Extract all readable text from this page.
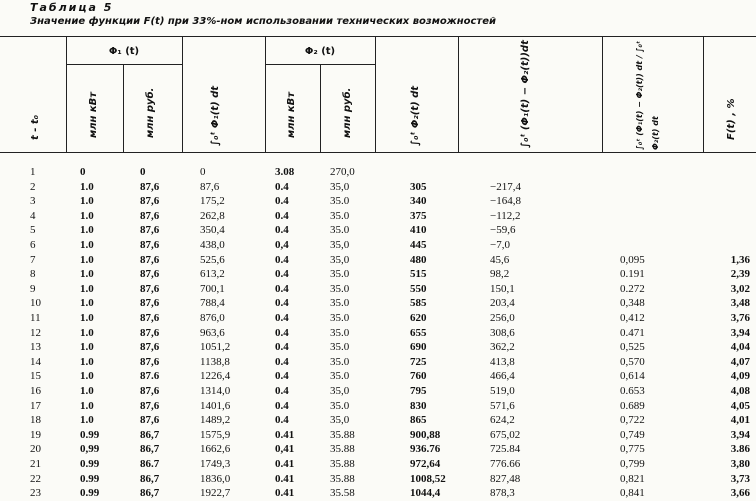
Таблица 5
Значение функции F(t) при 33%-ном использовании технических возможностей
Φ₁ (t)	Φ₂ (t)
t - t₀	млн кВт	млн руб.	∫₀ᵗ Φ₁(t) dt	млн кВт	млн руб.	∫₀ᵗ Φ₂(t) dt	∫₀ᵗ (Φ₁(t) − Φ₂(t))dt	∫₀ᵗ (Φ₁(t) − Φ₂(t)) dt / ∫₀ᵗ Φ₂(t) dt	F(t) , %
1	0	0	0	3.08	270,0
2	1.0	87,6	87,6	0.4	35,0	305	−217,4
3	1.0	87,6	175,2	0.4	35.0	340	−164,8
4	1.0	87,6	262,8	0.4	35.0	375	−112,2
5	1.0	87,6	350,4	0.4	35.0	410	−59,6
6	1.0	87,6	438,0	0,4	35,0	445	−7,0
7	1.0	87,6	525,6	0.4	35,0	480	45,6	0,095	1,36
8	1.0	87,6	613,2	0.4	35.0	515	98,2	0.191	2,39
9	1.0	87,6	700,1	0.4	35.0	550	150,1	0.272	3,02
10	1.0	87,6	788,4	0.4	35.0	585	203,4	0,348	3,48
11	1.0	87,6	876,0	0.4	35.0	620	256,0	0,412	3,76
12	1.0	87,6	963,6	0.4	35.0	655	308,6	0.471	3,94
13	1.0	87,6	1051,2	0.4	35.0	690	362,2	0,525	4,04
14	1.0	87,6	1138,8	0.4	35.0	725	413,8	0,570	4,07
15	1.0	87.6	1226,4	0.4	35.0	760	466,4	0,614	4,09
16	1.0	87,6	1314,0	0.4	35,0	795	519,0	0.653	4,08
17	1.0	87,6	1401,6	0.4	35.0	830	571,6	0.689	4,05
18	1.0	87,6	1489,2	0.4	35,0	865	624,2	0,722	4,01
19	0.99	86,7	1575,9	0.41	35.88	900,88	675,02	0,749	3,94
20	0,99	86,7	1662,6	0,41	35.88	936.76	725.84	0,775	3.86
21	0.99	86.7	1749,3	0.41	35.88	972,64	776.66	0,799	3,80
22	0.99	86,7	1836,0	0.41	35.88	1008,52	827,48	0,821	3,73
23	0.99	86,7	1922,7	0.41	35.58	1044,4	878,3	0,841	3,66
